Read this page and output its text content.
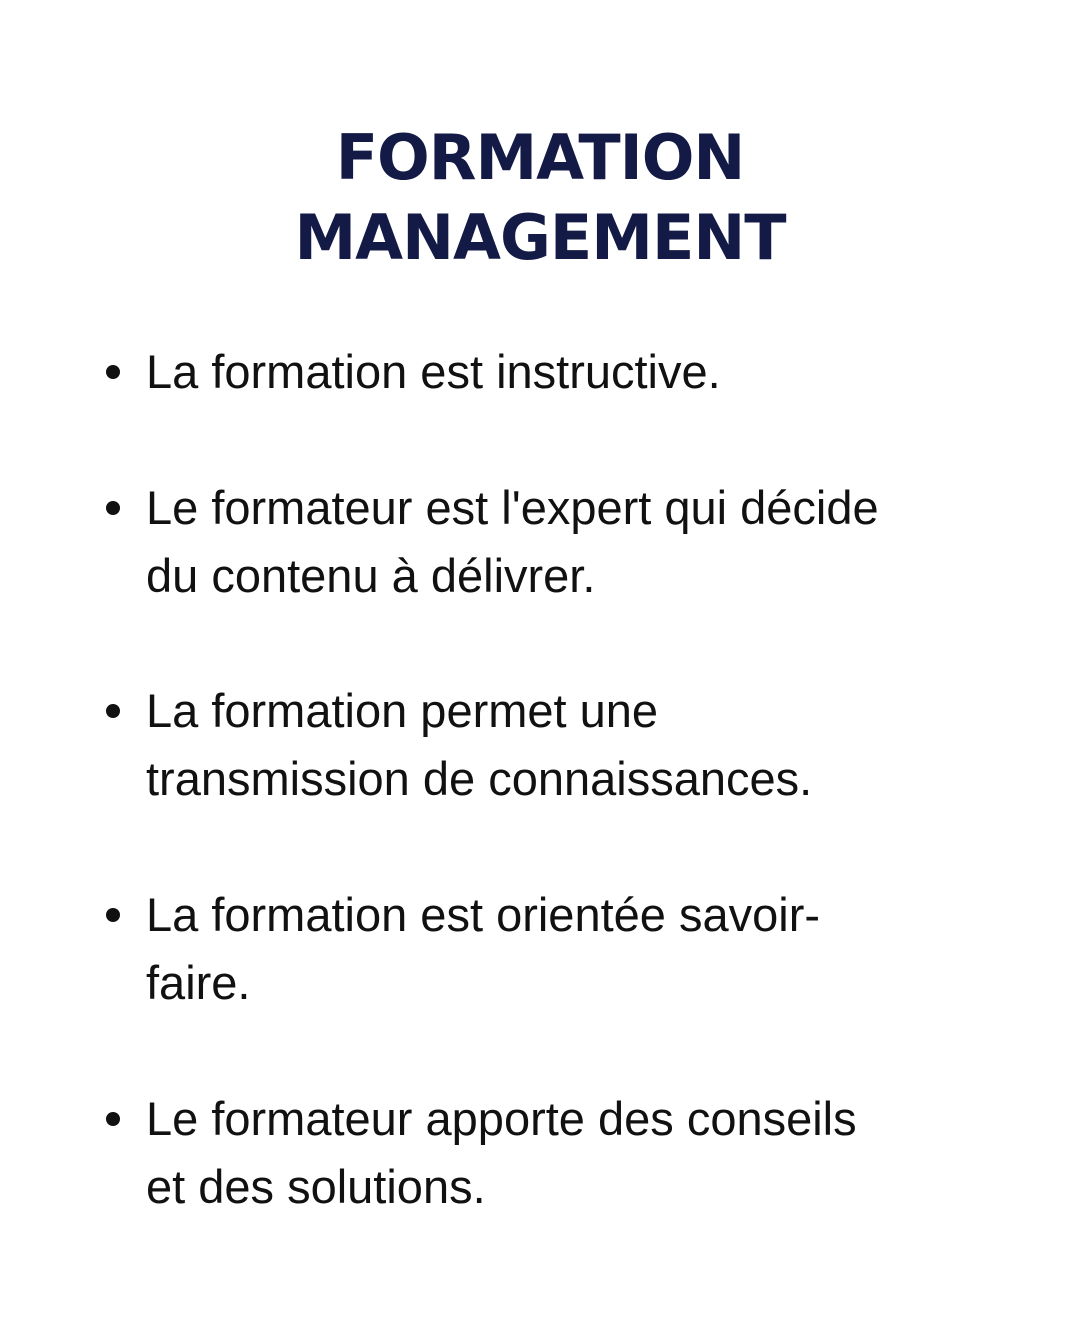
FORMATION
MANAGEMENT

La formation est instructive.

Le formateur est l'expert qui décide
du contenu à délivrer.

La formation permet une
transmission de connaissances.

La formation est orientée savoir-
faire.

Le formateur apporte des conseils
et des solutions.
